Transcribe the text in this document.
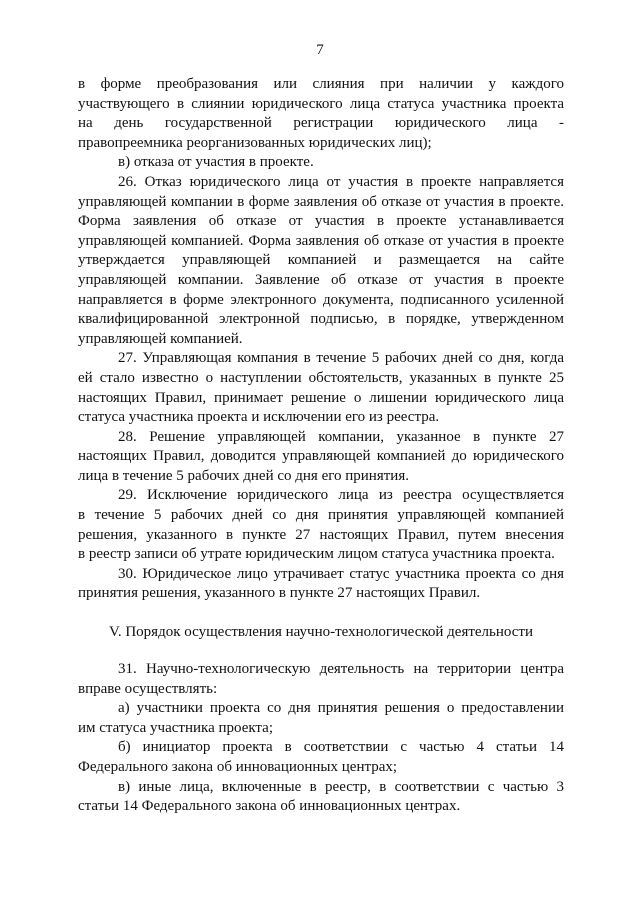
7
в форме преобразования или слияния при наличии у каждого
участвующего в слиянии юридического лица статуса участника проекта
на день государственной регистрации юридического лица -
правопреемника реорганизованных юридических лиц);
в) отказа от участия в проекте.
26. Отказ юридического лица от участия в проекте направляется
управляющей компании в форме заявления об отказе от участия в проекте.
Форма заявления об отказе от участия в проекте устанавливается
управляющей компанией. Форма заявления об отказе от участия в проекте
утверждается управляющей компанией и размещается на сайте
управляющей компании. Заявление об отказе от участия в проекте
направляется в форме электронного документа, подписанного усиленной
квалифицированной электронной подписью, в порядке, утвержденном
управляющей компанией.
27. Управляющая компания в течение 5 рабочих дней со дня, когда
ей стало известно о наступлении обстоятельств, указанных в пункте 25
настоящих Правил, принимает решение о лишении юридического лица
статуса участника проекта и исключении его из реестра.
28. Решение управляющей компании, указанное в пункте 27
настоящих Правил, доводится управляющей компанией до юридического
лица в течение 5 рабочих дней со дня его принятия.
29. Исключение юридического лица из реестра осуществляется
в течение 5 рабочих дней со дня принятия управляющей компанией
решения, указанного в пункте 27 настоящих Правил, путем внесения
в реестр записи об утрате юридическим лицом статуса участника проекта.
30. Юридическое лицо утрачивает статус участника проекта со дня
принятия решения, указанного в пункте 27 настоящих Правил.
V. Порядок осуществления научно-технологической деятельности
31. Научно-технологическую деятельность на территории центра
вправе осуществлять:
а) участники проекта со дня принятия решения о предоставлении
им статуса участника проекта;
б) инициатор проекта в соответствии с частью 4 статьи 14
Федерального закона об инновационных центрах;
в) иные лица, включенные в реестр, в соответствии с частью 3
статьи 14 Федерального закона об инновационных центрах.
